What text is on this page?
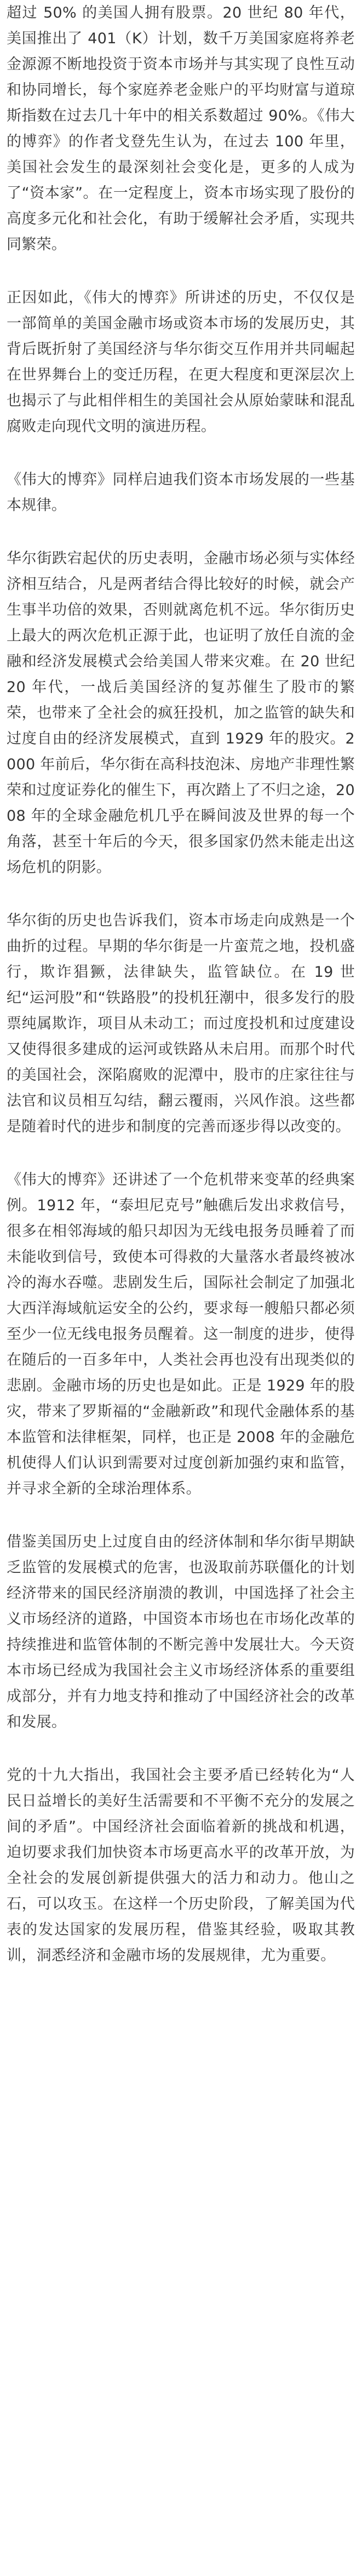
超过 50% 的美国人拥有股票。20 世纪 80 年代，美国推出了 401（K）计划，数千万美国家庭将养老金源源不断地投资于资本市场并与其实现了良性互动和协同增长，每个家庭养老金账户的平均财富与道琼斯指数在过去几十年中的相关系数超过 90%。《伟大的博弈》的作者戈登先生认为，在过去 100 年里，美国社会发生的最深刻社会变化是，更多的人成为了“资本家”。在一定程度上，资本市场实现了股份的高度多元化和社会化，有助于缓解社会矛盾，实现共同繁荣。

正因如此，《伟大的博弈》所讲述的历史，不仅仅是一部简单的美国金融市场或资本市场的发展历史，其背后既折射了美国经济与华尔街交互作用并共同崛起在世界舞台上的变迁历程，在更大程度和更深层次上也揭示了与此相伴相生的美国社会从原始蒙昧和混乱腐败走向现代文明的演进历程。

《伟大的博弈》同样启迪我们资本市场发展的一些基本规律。

华尔街跌宕起伏的历史表明，金融市场必须与实体经济相互结合，凡是两者结合得比较好的时候，就会产生事半功倍的效果，否则就离危机不远。华尔街历史上最大的两次危机正源于此，也证明了放任自流的金融和经济发展模式会给美国人带来灾难。在 20 世纪 20 年代，一战后美国经济的复苏催生了股市的繁荣，也带来了全社会的疯狂投机，加之监管的缺失和过度自由的经济发展模式，直到 1929 年的股灾。2000 年前后，华尔街在高科技泡沫、房地产非理性繁荣和过度证券化的催生下，再次踏上了不归之途，2008 年的全球金融危机几乎在瞬间波及世界的每一个角落，甚至十年后的今天，很多国家仍然未能走出这场危机的阴影。

华尔街的历史也告诉我们，资本市场走向成熟是一个曲折的过程。早期的华尔街是一片蛮荒之地，投机盛行，欺诈猖獗，法律缺失，监管缺位。在 19 世纪“运河股”和“铁路股”的投机狂潮中，很多发行的股票纯属欺诈，项目从未动工；而过度投机和过度建设又使得很多建成的运河或铁路从未启用。而那个时代的美国社会，深陷腐败的泥潭中，股市的庄家往往与法官和议员相互勾结，翻云覆雨，兴风作浪。这些都是随着时代的进步和制度的完善而逐步得以改变的。

《伟大的博弈》还讲述了一个危机带来变革的经典案例。1912 年，“泰坦尼克号”触礁后发出求救信号，很多在相邻海域的船只却因为无线电报务员睡着了而未能收到信号，致使本可得救的大量落水者最终被冰冷的海水吞噬。悲剧发生后，国际社会制定了加强北大西洋海域航运安全的公约，要求每一艘船只都必须至少一位无线电报务员醒着。这一制度的进步，使得在随后的一百多年中，人类社会再也没有出现类似的悲剧。金融市场的历史也是如此。正是 1929 年的股灾，带来了罗斯福的“金融新政”和现代金融体系的基本监管和法律框架，同样，也正是 2008 年的金融危机使得人们认识到需要对过度创新加强约束和监管，并寻求全新的全球治理体系。

借鉴美国历史上过度自由的经济体制和华尔街早期缺乏监管的发展模式的危害，也汲取前苏联僵化的计划经济带来的国民经济崩溃的教训，中国选择了社会主义市场经济的道路，中国资本市场也在市场化改革的持续推进和监管体制的不断完善中发展壮大。今天资本市场已经成为我国社会主义市场经济体系的重要组成部分，并有力地支持和推动了中国经济社会的改革和发展。

党的十九大指出，我国社会主要矛盾已经转化为“人民日益增长的美好生活需要和不平衡不充分的发展之间的矛盾”。中国经济社会面临着新的挑战和机遇，迫切要求我们加快资本市场更高水平的改革开放，为全社会的发展创新提供强大的活力和动力。他山之石，可以攻玉。在这样一个历史阶段，了解美国为代表的发达国家的发展历程，借鉴其经验，吸取其教训，洞悉经济和金融市场的发展规律，尤为重要。
